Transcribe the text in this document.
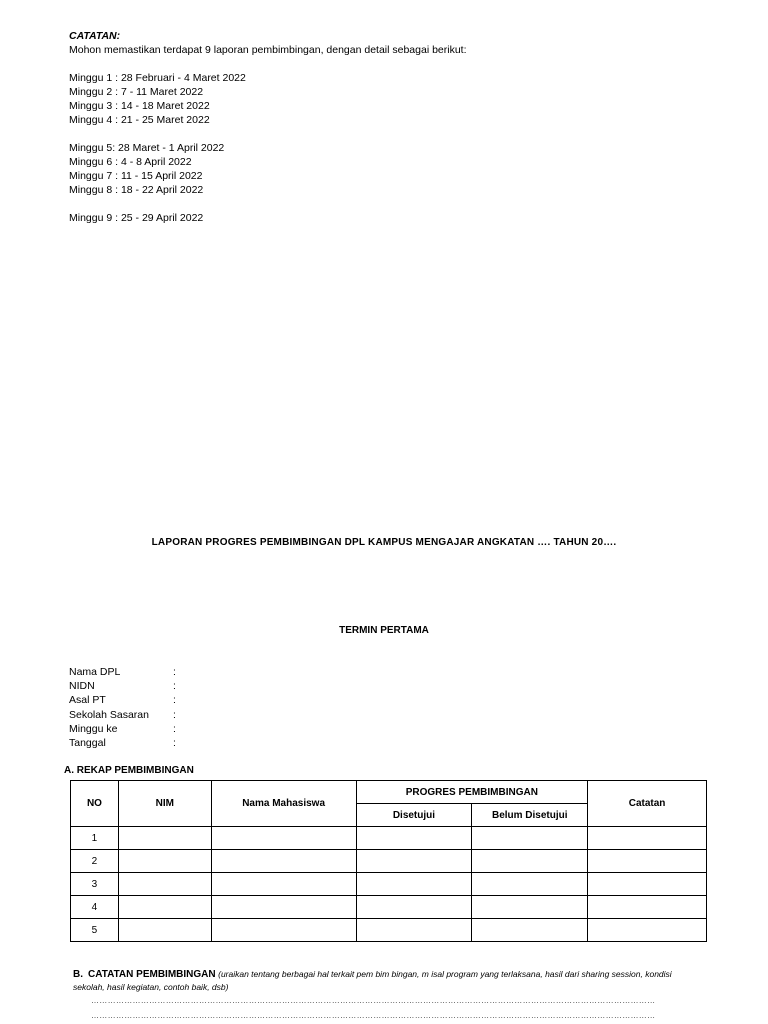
CATATAN:
Mohon memastikan terdapat 9 laporan pembimbingan, dengan detail sebagai berikut:
Minggu 1 : 28 Februari - 4 Maret 2022
Minggu 2 : 7 - 11 Maret 2022
Minggu 3 : 14 - 18 Maret 2022
Minggu 4 : 21 - 25 Maret 2022
Minggu 5: 28 Maret - 1 April 2022
Minggu 6 : 4 - 8 April 2022
Minggu 7 : 11 - 15 April 2022
Minggu 8 : 18 - 22 April 2022
Minggu 9 : 25 - 29 April 2022
LAPORAN PROGRES PEMBIMBINGAN DPL KAMPUS MENGAJAR ANGKATAN …. TAHUN 20….
TERMIN PERTAMA
Nama DPL	:
NIDN	:
Asal PT	:
Sekolah Sasaran :
Minggu ke	:
Tanggal	:
A. REKAP PEMBIMBINGAN
NO	NIM	Nama Mahasiswa	PROGRES PEMBIMBINGAN		Catatan
			Disetujui	Belum Disetujui	
1					
2					
3					
4					
5					
B. CATATAN PEMBIMBINGAN (uraikan tentang berbagai hal terkait pem bim bingan, m isal program yang terlaksana, hasil dari sharing session, kondisi sekolah, hasil kegiatan, contoh baik, dsb)
……………………………………………………………………………………………………………………………………………………………………………………
……………………………………………………………………………………………………………………………………………………………………………………
